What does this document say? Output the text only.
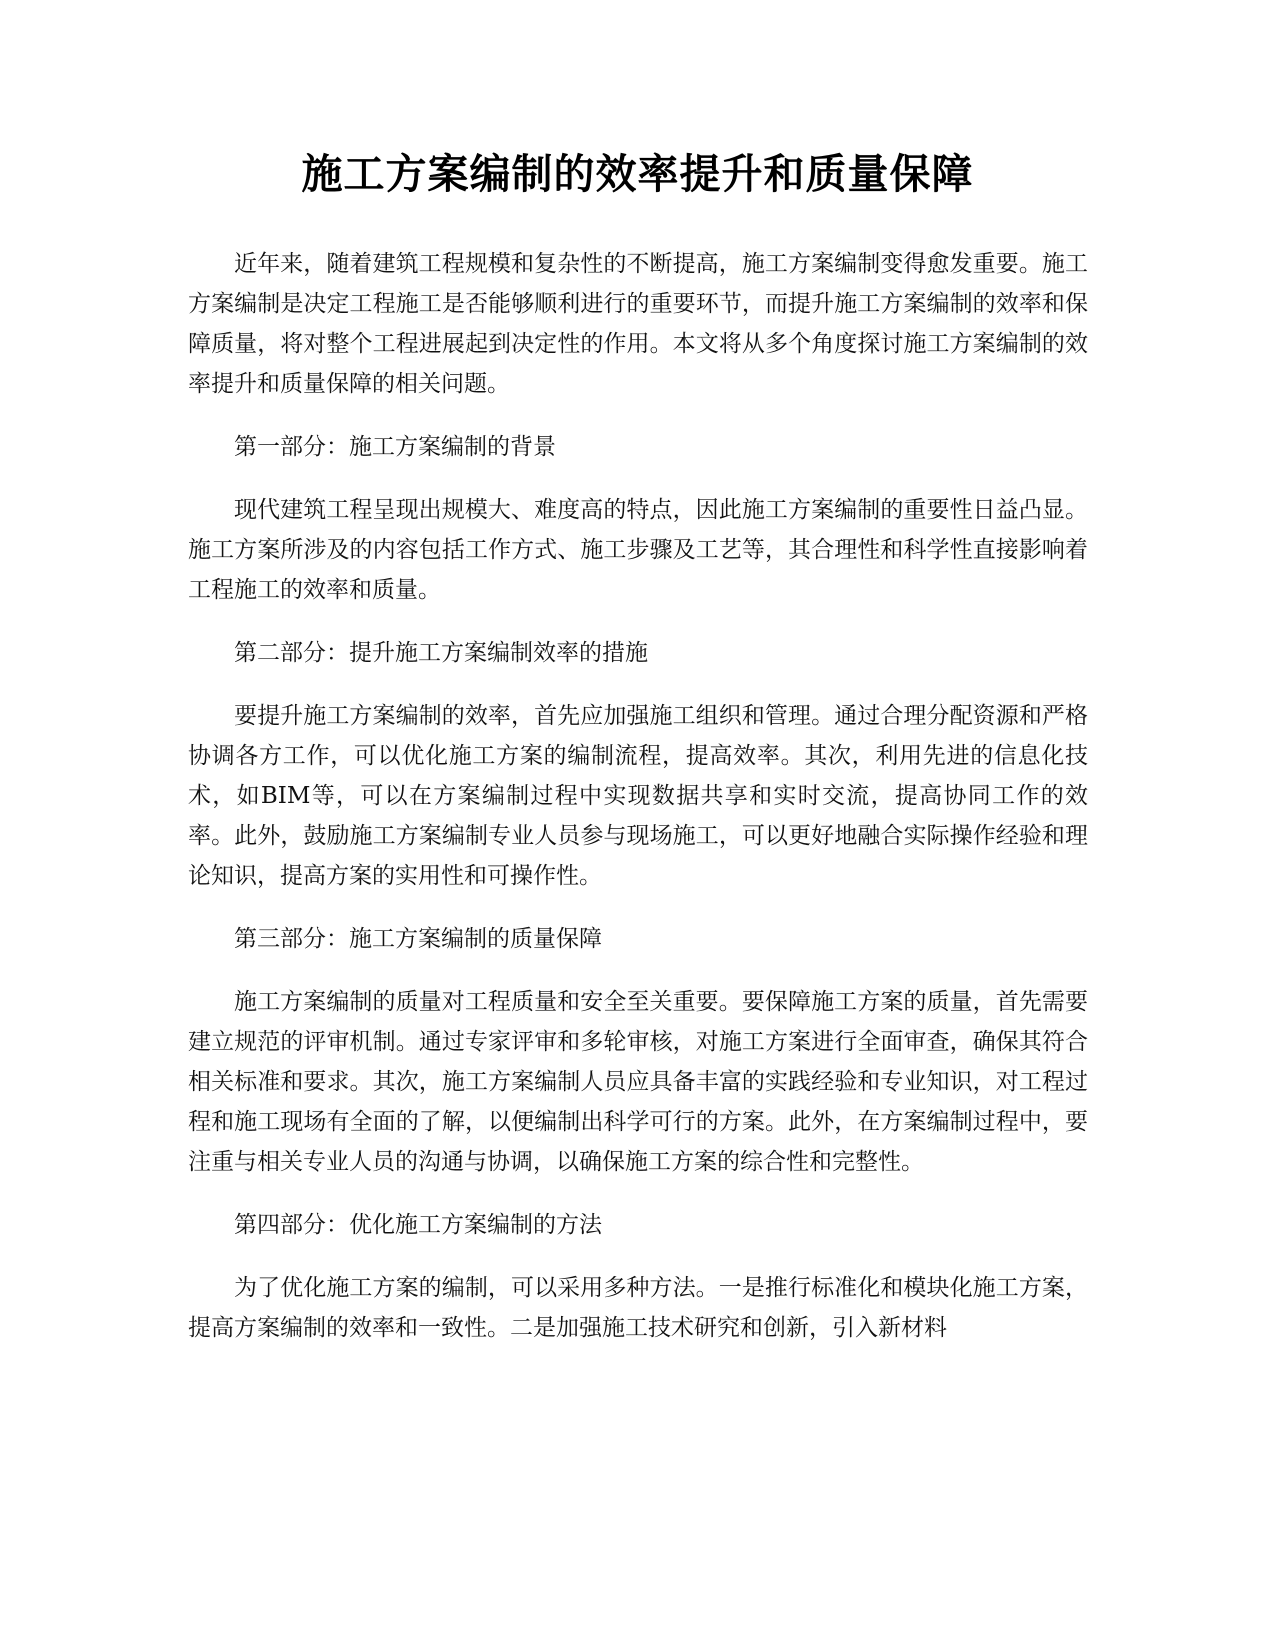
施工方案编制的效率提升和质量保障

近年来，随着建筑工程规模和复杂性的不断提高，施工方案编制变得愈发重要。施工方案编制是决定工程施工是否能够顺利进行的重要环节，而提升施工方案编制的效率和保障质量，将对整个工程进展起到决定性的作用。本文将从多个角度探讨施工方案编制的效率提升和质量保障的相关问题。

第一部分：施工方案编制的背景

现代建筑工程呈现出规模大、难度高的特点，因此施工方案编制的重要性日益凸显。施工方案所涉及的内容包括工作方式、施工步骤及工艺等，其合理性和科学性直接影响着工程施工的效率和质量。

第二部分：提升施工方案编制效率的措施

要提升施工方案编制的效率，首先应加强施工组织和管理。通过合理分配资源和严格协调各方工作，可以优化施工方案的编制流程，提高效率。其次，利用先进的信息化技术，如BIM等，可以在方案编制过程中实现数据共享和实时交流，提高协同工作的效率。此外，鼓励施工方案编制专业人员参与现场施工，可以更好地融合实际操作经验和理论知识，提高方案的实用性和可操作性。

第三部分：施工方案编制的质量保障

施工方案编制的质量对工程质量和安全至关重要。要保障施工方案的质量，首先需要建立规范的评审机制。通过专家评审和多轮审核，对施工方案进行全面审查，确保其符合相关标准和要求。其次，施工方案编制人员应具备丰富的实践经验和专业知识，对工程过程和施工现场有全面的了解，以便编制出科学可行的方案。此外，在方案编制过程中，要注重与相关专业人员的沟通与协调，以确保施工方案的综合性和完整性。

第四部分：优化施工方案编制的方法

为了优化施工方案的编制，可以采用多种方法。一是推行标准化和模块化施工方案，提高方案编制的效率和一致性。二是加强施工技术研究和创新，引入新材料
